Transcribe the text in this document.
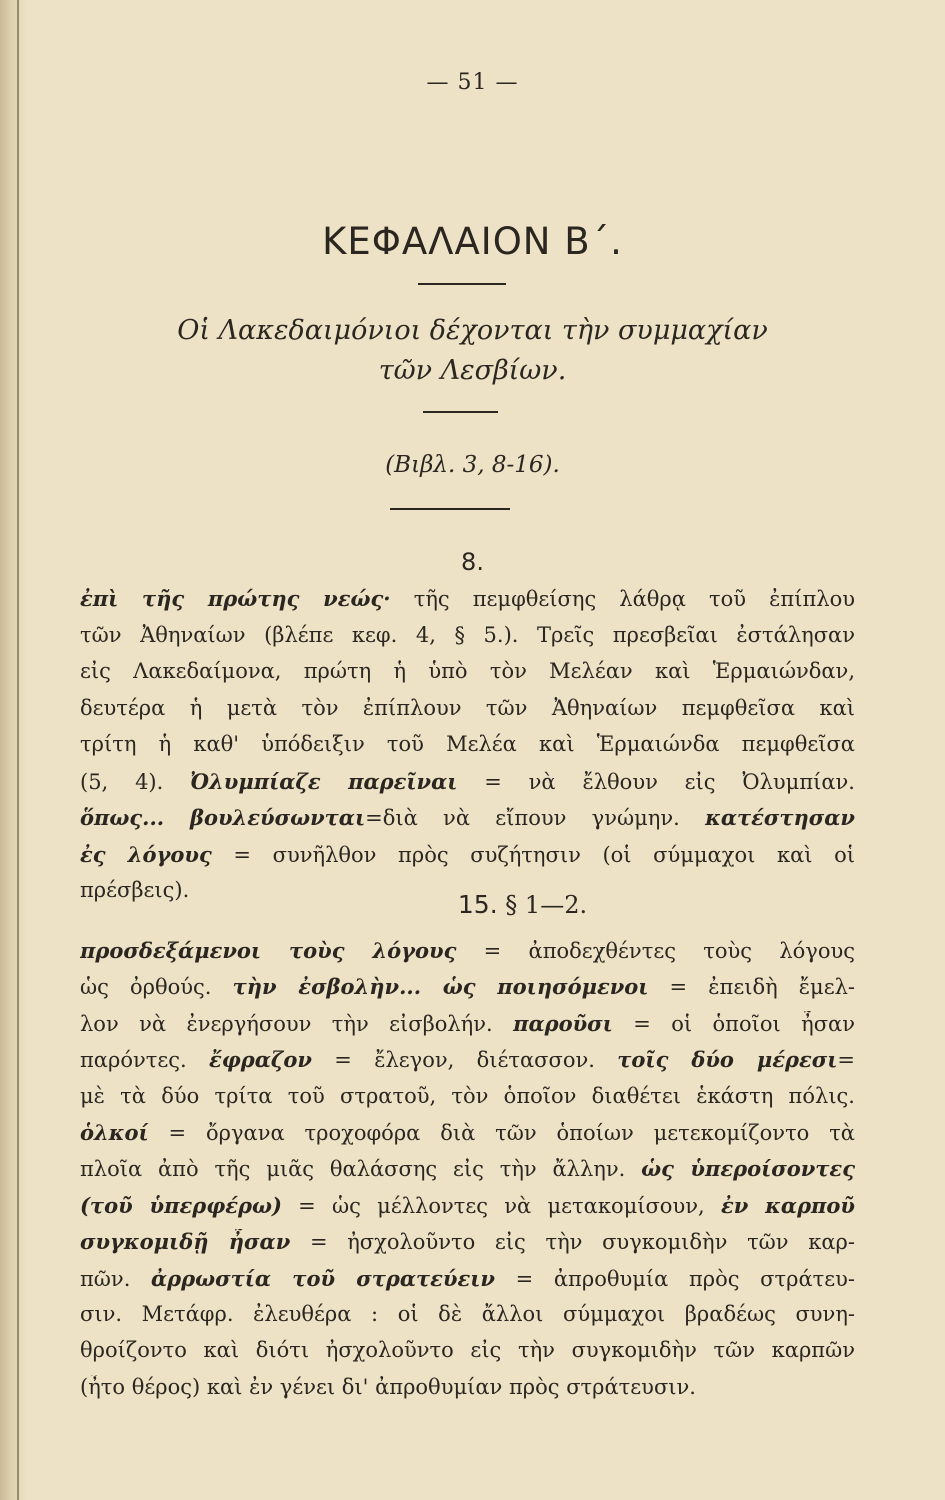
— 51 —
ΚΕΦΑΛΑΙΟΝ Β΄.
Οἱ Λακεδαιμόνιοι δέχονται τὴν συμμαχίαν
τῶν Λεσβίων.
(Βιβλ. 3, 8-16).
8.
ἐπὶ τῆς πρώτης νεώς· τῆς πεμφθείσης λάθρᾳ τοῦ ἐπίπλου
τῶν Ἀθηναίων (βλέπε κεφ. 4, § 5.). Τρεῖς πρεσβεῖαι ἐστάλησαν
εἰς Λακεδαίμονα, πρώτη ἡ ὑπὸ τὸν Μελέαν καὶ Ἑρμαιώνδαν,
δευτέρα ἡ μετὰ τὸν ἐπίπλουν τῶν Ἀθηναίων πεμφθεῖσα καὶ
τρίτη ἡ καθ' ὑπόδειξιν τοῦ Μελέα καὶ Ἑρμαιώνδα πεμφθεῖσα
(5, 4). Ὀλυμπίαζε παρεῖναι = νὰ ἔλθουν εἰς Ὀλυμπίαν.
ὅπως... βουλεύσωνται=διὰ νὰ εἴπουν γνώμην. κατέστησαν
ἐς λόγους = συνῆλθον πρὸς συζήτησιν (οἱ σύμμαχοι καὶ οἱ
πρέσβεις).	15. § 1—2.
προσδεξάμενοι τοὺς λόγους = ἀποδεχθέντες τοὺς λόγους
ὡς ὀρθούς. τὴν ἐσβολὴν... ὡς ποιησόμενοι = ἐπειδὴ ἔμελ-
λον νὰ ἐνεργήσουν τὴν εἰσβολήν. παροῦσι = οἱ ὁποῖοι ἦσαν
παρόντες. ἔφραζον = ἔλεγον, διέτασσον. τοῖς δύο μέρεσι=
μὲ τὰ δύο τρίτα τοῦ στρατοῦ, τὸν ὁποῖον διαθέτει ἑκάστη πόλις.
ὁλκοί = ὄργανα τροχοφόρα διὰ τῶν ὁποίων μετεκομίζοντο τὰ
πλοῖα ἀπὸ τῆς μιᾶς θαλάσσης εἰς τὴν ἄλλην. ὡς ὑπεροίσοντες
(τοῦ ὑπερφέρω) = ὡς μέλλοντες νὰ μετακομίσουν, ἐν καρποῦ
συγκομιδῇ ἦσαν = ἠσχολοῦντο εἰς τὴν συγκομιδὴν τῶν καρ-
πῶν. ἀρρωστία τοῦ στρατεύειν = ἀπροθυμία πρὸς στράτευ-
σιν. Μετάφρ. ἐλευθέρα : οἱ δὲ ἄλλοι σύμμαχοι βραδέως συνη-
θροίζοντο καὶ διότι ἠσχολοῦντο εἰς τὴν συγκομιδὴν τῶν καρπῶν
(ἦτο θέρος) καὶ ἐν γένει δι' ἀπροθυμίαν πρὸς στράτευσιν.
